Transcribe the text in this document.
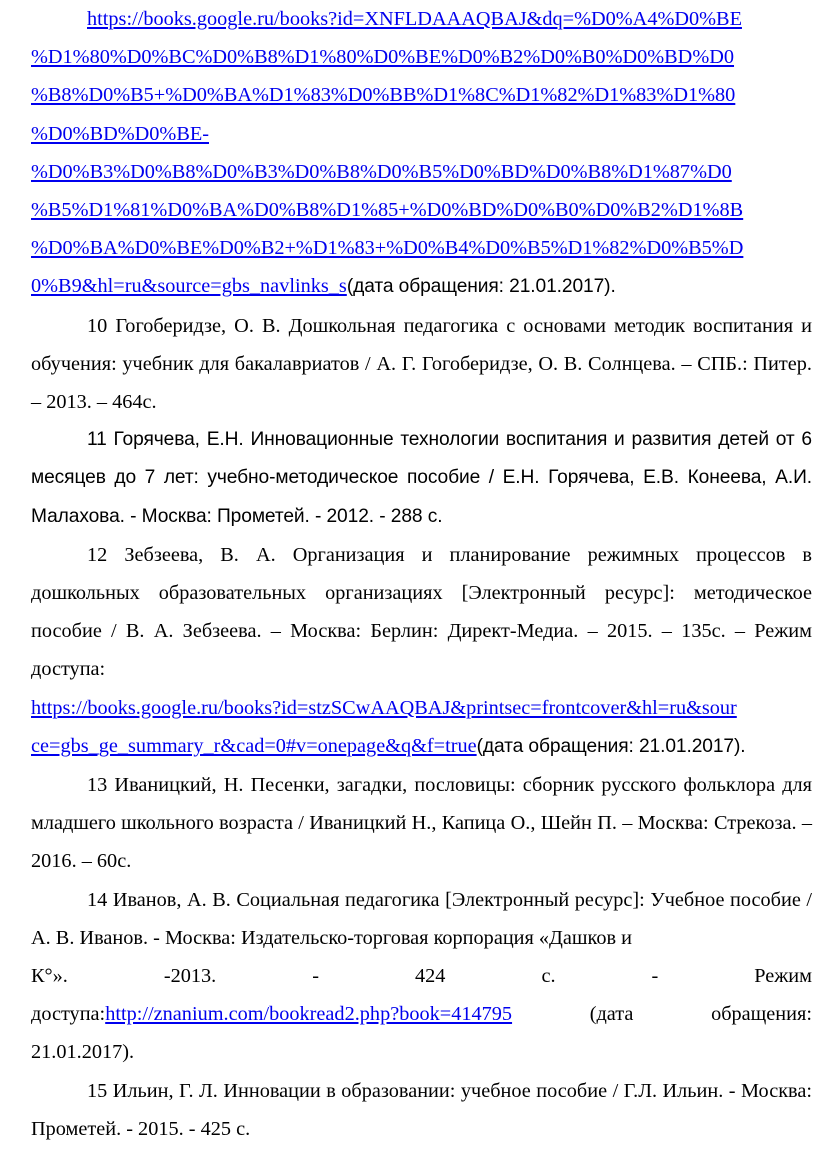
https://books.google.ru/books?id=XNFLDAAAQBAJ&dq=%D0%A4%D0%BE
%D1%80%D0%BC%D0%B8%D1%80%D0%BE%D0%B2%D0%B0%D0%BD%D0
%B8%D0%B5+%D0%BA%D1%83%D0%BB%D1%8C%D1%82%D1%83%D1%80
%D0%BD%D0%BE-
%D0%B3%D0%B8%D0%B3%D0%B8%D0%B5%D0%BD%D0%B8%D1%87%D0
%B5%D1%81%D0%BA%D0%B8%D1%85+%D0%BD%D0%B0%D0%B2%D1%8B
%D0%BA%D0%BE%D0%B2+%D1%83+%D0%B4%D0%B5%D1%82%D0%B5%D
0%B9&hl=ru&source=gbs_navlinks_s(дата обращения: 21.01.2017).

10 Гогоберидзе, О. В. Дошкольная педагогика с основами методик воспитания и обучения: учебник для бакалавриатов / А. Г. Гогоберидзе, О. В. Солнцева. – СПБ.: Питер. – 2013. – 464с.

11 Горячева, Е.Н. Инновационные технологии воспитания и развития детей от 6 месяцев до 7 лет: учебно-методическое пособие / Е.Н. Горячева, Е.В. Конеева, А.И. Малахова. - Москва: Прометей. - 2012. - 288 с.

12 Зебзеева, В. А. Организация и планирование режимных процессов в дошкольных образовательных организациях [Электронный ресурс]: методическое пособие / В. А. Зебзеева. – Москва: Берлин: Директ-Медиа. – 2015. – 135с. – Режим доступа:

https://books.google.ru/books?id=stzSCwAAQBAJ&printsec=frontcover&hl=ru&sour
ce=gbs_ge_summary_r&cad=0#v=onepage&q&f=true(дата обращения: 21.01.2017).

13 Иваницкий, Н. Песенки, загадки, пословицы: сборник русского фольклора для младшего школьного возраста / Иваницкий Н., Капица О., Шейн П. – Москва: Стрекоза. – 2016. – 60с.

14 Иванов, А. В. Социальная педагогика [Электронный ресурс]: Учебное пособие / А. В. Иванов. - Москва: Издательско-торговая корпорация «Дашков и

К°».	-2013.	-	424	с.	-	Режим
доступа:http://znanium.com/bookread2.php?book=414795	(дата	обращения:
21.01.2017).

15 Ильин, Г. Л. Инновации в образовании: учебное пособие / Г.Л. Ильин. - Москва: Прометей. - 2015. - 425 с.
